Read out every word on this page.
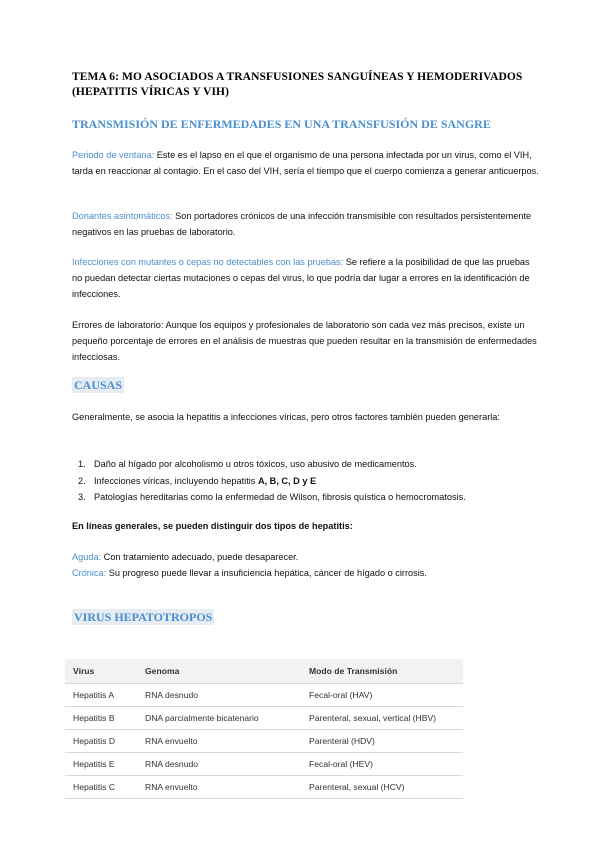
TEMA 6: MO ASOCIADOS A TRANSFUSIONES SANGUÍNEAS Y HEMODERIVADOS (HEPATITIS VÍRICAS Y VIH)
TRANSMISIÓN DE ENFERMEDADES EN UNA TRANSFUSIÓN DE SANGRE
Periodo de ventana: Este es el lapso en el que el organismo de una persona infectada por un virus, como el VIH, tarda en reaccionar al contagio. En el caso del VIH, sería el tiempo que el cuerpo comienza a generar anticuerpos.
Donantes asintomáticos: Son portadores crónicos de una infección transmisible con resultados persistentemente negativos en las pruebas de laboratorio.
Infecciones con mutantes o cepas no detectables con las pruebas: Se refiere a la posibilidad de que las pruebas no puedan detectar ciertas mutaciones o cepas del virus, lo que podría dar lugar a errores en la identificación de infecciones.
Errores de laboratorio: Aunque los equipos y profesionales de laboratorio son cada vez más precisos, existe un pequeño porcentaje de errores en el análisis de muestras que pueden resultar en la transmisión de enfermedades infecciosas.
CAUSAS
Generalmente, se asocia la hepatitis a infecciones víricas, pero otros factores también pueden generarla:
1. Daño al hígado por alcoholismo u otros tóxicos, uso abusivo de medicamentos.
2. Infecciones víricas, incluyendo hepatitis A, B, C, D y E
3. Patologías hereditarias como la enfermedad de Wilson, fibrosis quística o hemocromatosis.
En líneas generales, se pueden distinguir dos tipos de hepatitis:
Aguda: Con tratamiento adecuado, puede desaparecer.
Crónica: Su progreso puede llevar a insuficiencia hepática, cáncer de hígado o cirrosis.
VIRUS HEPATOTROPOS
Virus	Genoma	Modo de Transmisión
Hepatitis A	RNA desnudo	Fecal-oral (HAV)
Hepatitis B	DNA parcialmente bicatenario	Parenteral, sexual, vertical (HBV)
Hepatitis D	RNA envuelto	Parenteral (HDV)
Hepatitis E	RNA desnudo	Fecal-oral (HEV)
Hepatitis C	RNA envuelto	Parenteral, sexual (HCV)
